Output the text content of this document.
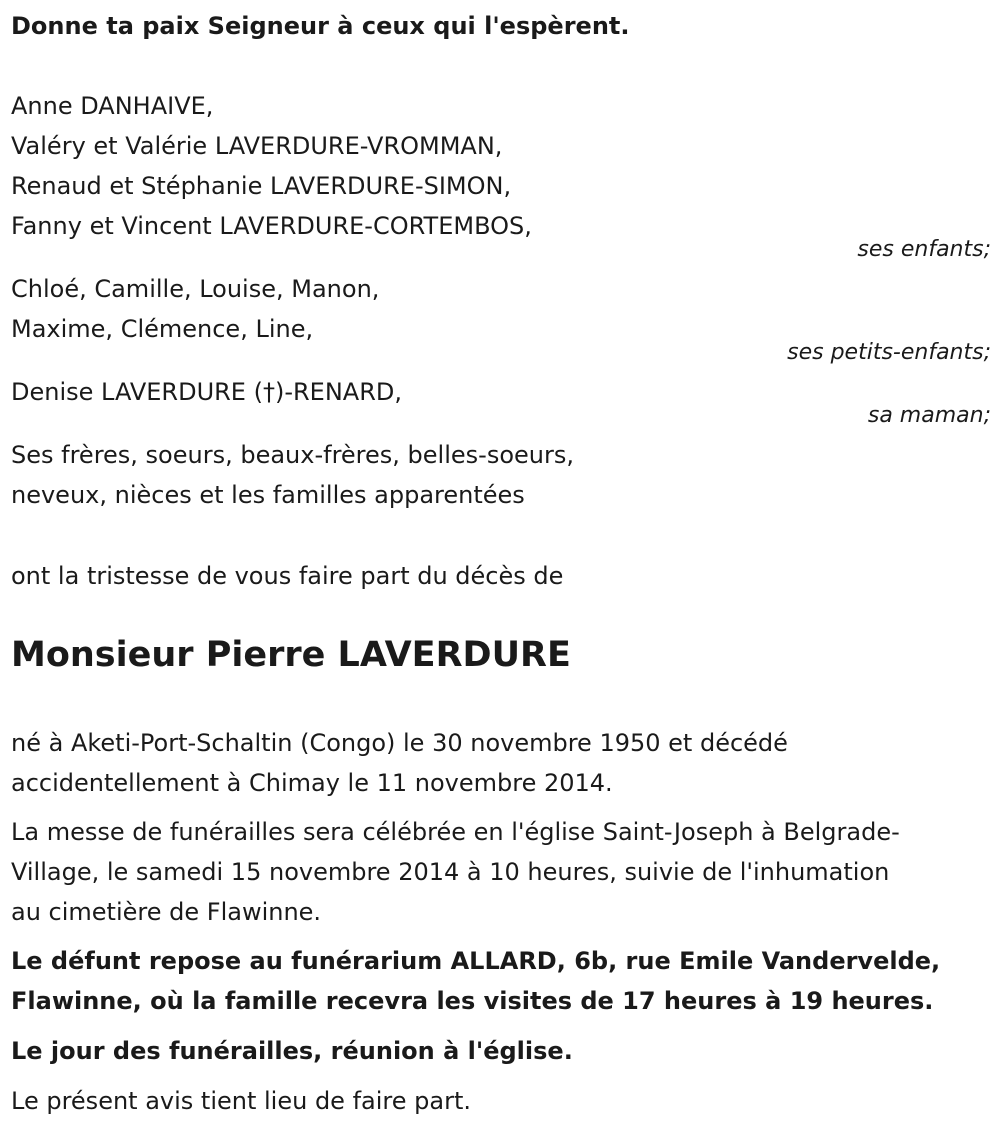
Donne ta paix Seigneur à ceux qui l'espèrent.

Anne DANHAIVE,

Valéry et Valérie LAVERDURE-VROMMAN,

Renaud et Stéphanie LAVERDURE-SIMON,

Fanny et Vincent LAVERDURE-CORTEMBOS,

ses enfants;

Chloé, Camille, Louise, Manon,

Maxime, Clémence, Line,

ses petits-enfants;

Denise LAVERDURE (†)-RENARD,

sa maman;

Ses frères, soeurs, beaux-frères, belles-soeurs,

neveux, nièces et les familles apparentées

ont la tristesse de vous faire part du décès de

Monsieur Pierre LAVERDURE

né à Aketi-Port-Schaltin (Congo) le 30 novembre 1950 et décédé

accidentellement à Chimay le 11 novembre 2014.

La messe de funérailles sera célébrée en l'église Saint-Joseph à Belgrade-

Village, le samedi 15 novembre 2014 à 10 heures, suivie de l'inhumation

au cimetière de Flawinne.

Le défunt repose au funérarium ALLARD, 6b, rue Emile Vandervelde,

Flawinne, où la famille recevra les visites de 17 heures à 19 heures.

Le jour des funérailles, réunion à l'église.

Le présent avis tient lieu de faire part.
